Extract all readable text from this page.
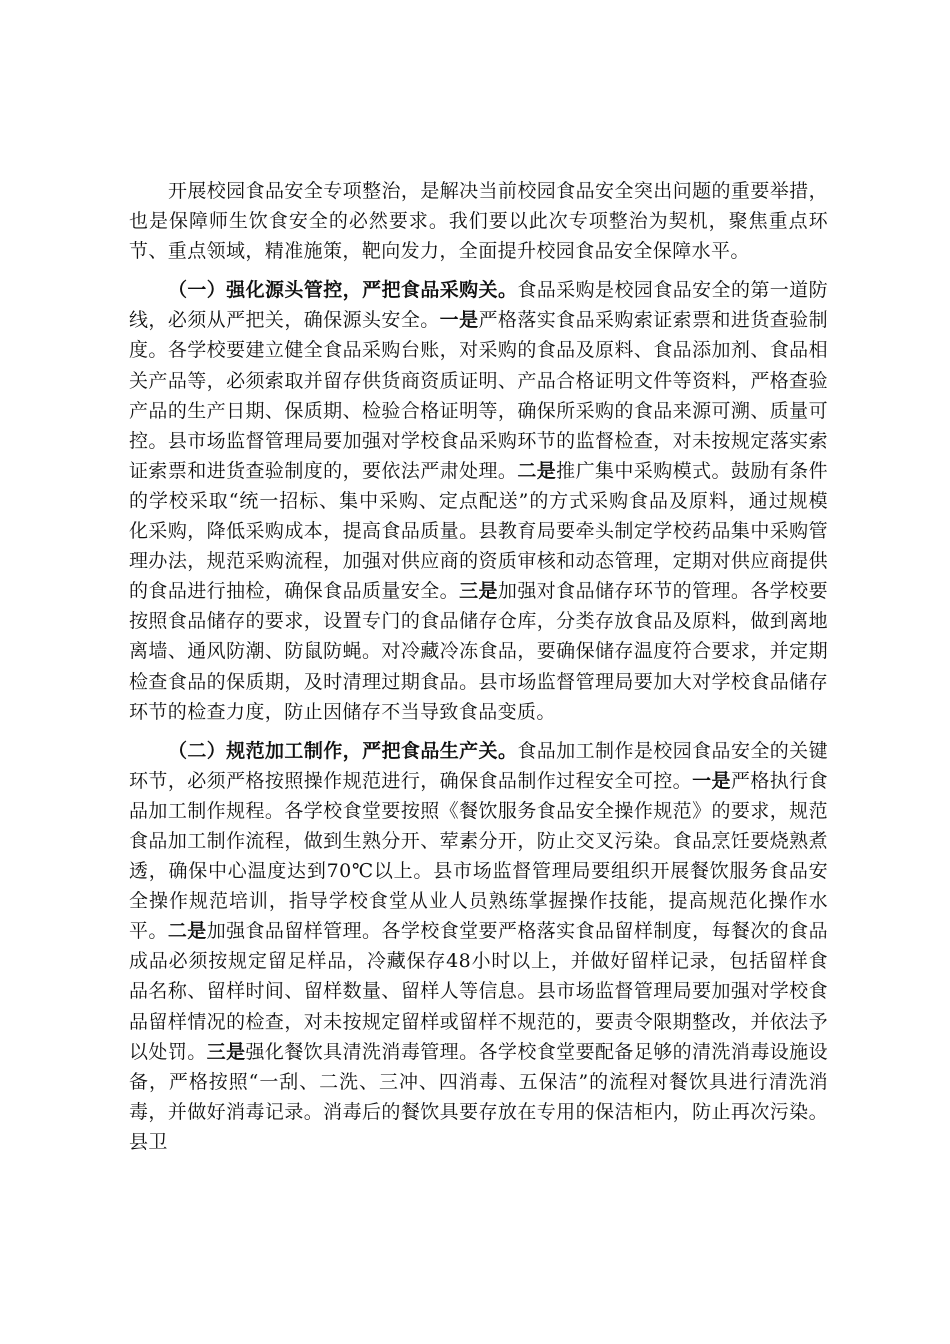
开展校园食品安全专项整治，是解决当前校园食品安全突出问题的重要举措，也是保障师生饮食安全的必然要求。我们要以此次专项整治为契机，聚焦重点环节、重点领域，精准施策，靶向发力，全面提升校园食品安全保障水平。

（一）强化源头管控，严把食品采购关。食品采购是校园食品安全的第一道防线，必须从严把关，确保源头安全。一是严格落实食品采购索证索票和进货查验制度。各学校要建立健全食品采购台账，对采购的食品及原料、食品添加剂、食品相关产品等，必须索取并留存供货商资质证明、产品合格证明文件等资料，严格查验产品的生产日期、保质期、检验合格证明等，确保所采购的食品来源可溯、质量可控。县市场监督管理局要加强对学校食品采购环节的监督检查，对未按规定落实索证索票和进货查验制度的，要依法严肃处理。二是推广集中采购模式。鼓励有条件的学校采取“统一招标、集中采购、定点配送”的方式采购食品及原料，通过规模化采购，降低采购成本，提高食品质量。县教育局要牵头制定学校药品集中采购管理办法，规范采购流程，加强对供应商的资质审核和动态管理，定期对供应商提供的食品进行抽检，确保食品质量安全。三是加强对食品储存环节的管理。各学校要按照食品储存的要求，设置专门的食品储存仓库，分类存放食品及原料，做到离地离墙、通风防潮、防鼠防蝇。对冷藏冷冻食品，要确保储存温度符合要求，并定期检查食品的保质期，及时清理过期食品。县市场监督管理局要加大对学校食品储存环节的检查力度，防止因储存不当导致食品变质。

（二）规范加工制作，严把食品生产关。食品加工制作是校园食品安全的关键环节，必须严格按照操作规范进行，确保食品制作过程安全可控。一是严格执行食品加工制作规程。各学校食堂要按照《餐饮服务食品安全操作规范》的要求，规范食品加工制作流程，做到生熟分开、荤素分开，防止交叉污染。食品烹饪要烧熟煮透，确保中心温度达到70℃以上。县市场监督管理局要组织开展餐饮服务食品安全操作规范培训，指导学校食堂从业人员熟练掌握操作技能，提高规范化操作水平。二是加强食品留样管理。各学校食堂要严格落实食品留样制度，每餐次的食品成品必须按规定留足样品，冷藏保存48小时以上，并做好留样记录，包括留样食品名称、留样时间、留样数量、留样人等信息。县市场监督管理局要加强对学校食品留样情况的检查，对未按规定留样或留样不规范的，要责令限期整改，并依法予以处罚。三是强化餐饮具清洗消毒管理。各学校食堂要配备足够的清洗消毒设施设备，严格按照“一刮、二洗、三冲、四消毒、五保洁”的流程对餐饮具进行清洗消毒，并做好消毒记录。消毒后的餐饮具要存放在专用的保洁柜内，防止再次污染。县卫
